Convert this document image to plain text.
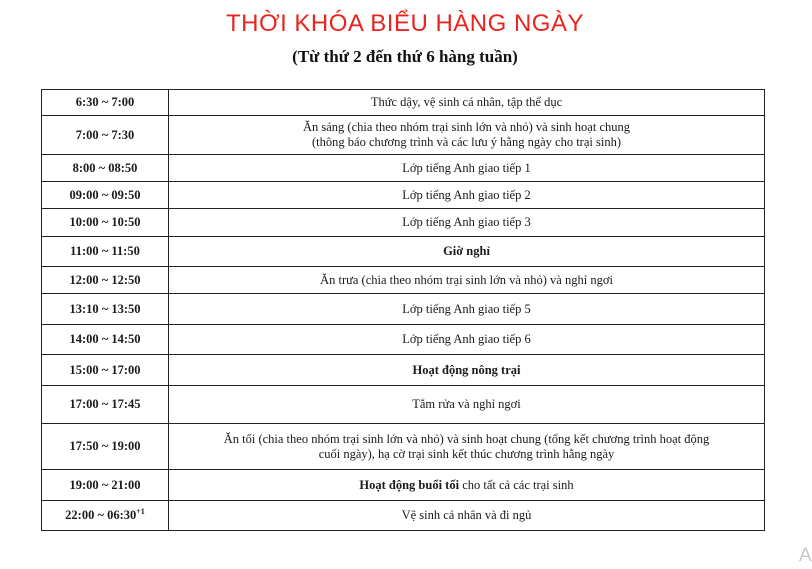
THỜI KHÓA BIỂU HÀNG NGÀY
(Từ thứ 2 đến thứ 6 hàng tuần)
6:30 ~ 7:00	Thức dậy, vệ sinh cá nhân, tập thể dục
7:00 ~ 7:30	Ăn sáng (chia theo nhóm trại sinh lớn và nhỏ) và sinh hoạt chung
(thông báo chương trình và các lưu ý hằng ngày cho trại sinh)

8:00 ~ 08:50	Lớp tiếng Anh giao tiếp 1
09:00 ~ 09:50	Lớp tiếng Anh giao tiếp 2
10:00 ~ 10:50	Lớp tiếng Anh giao tiếp 3
11:00 ~ 11:50	Giờ nghỉ
12:00 ~ 12:50	Ăn trưa (chia theo nhóm trại sinh lớn và nhỏ) và nghỉ ngơi
13:10 ~ 13:50	Lớp tiếng Anh giao tiếp 5
14:00 ~ 14:50	Lớp tiếng Anh giao tiếp 6
15:00 ~ 17:00	Hoạt động nông trại
17:00 ~ 17:45	Tắm rửa và nghỉ ngơi
17:50 ~ 19:00	Ăn tối (chia theo nhóm trại sinh lớn và nhỏ) và sinh hoạt chung (tổng kết chương trình hoạt động
cuối ngày), hạ cờ trại sinh kết thúc chương trình hằng ngày

19:00 ~ 21:00	Hoạt động buổi tối cho tất cả các trại sinh
22:00 ~ $06:30^{+1}$	Vệ sinh cá nhân và đi ngủ
A
